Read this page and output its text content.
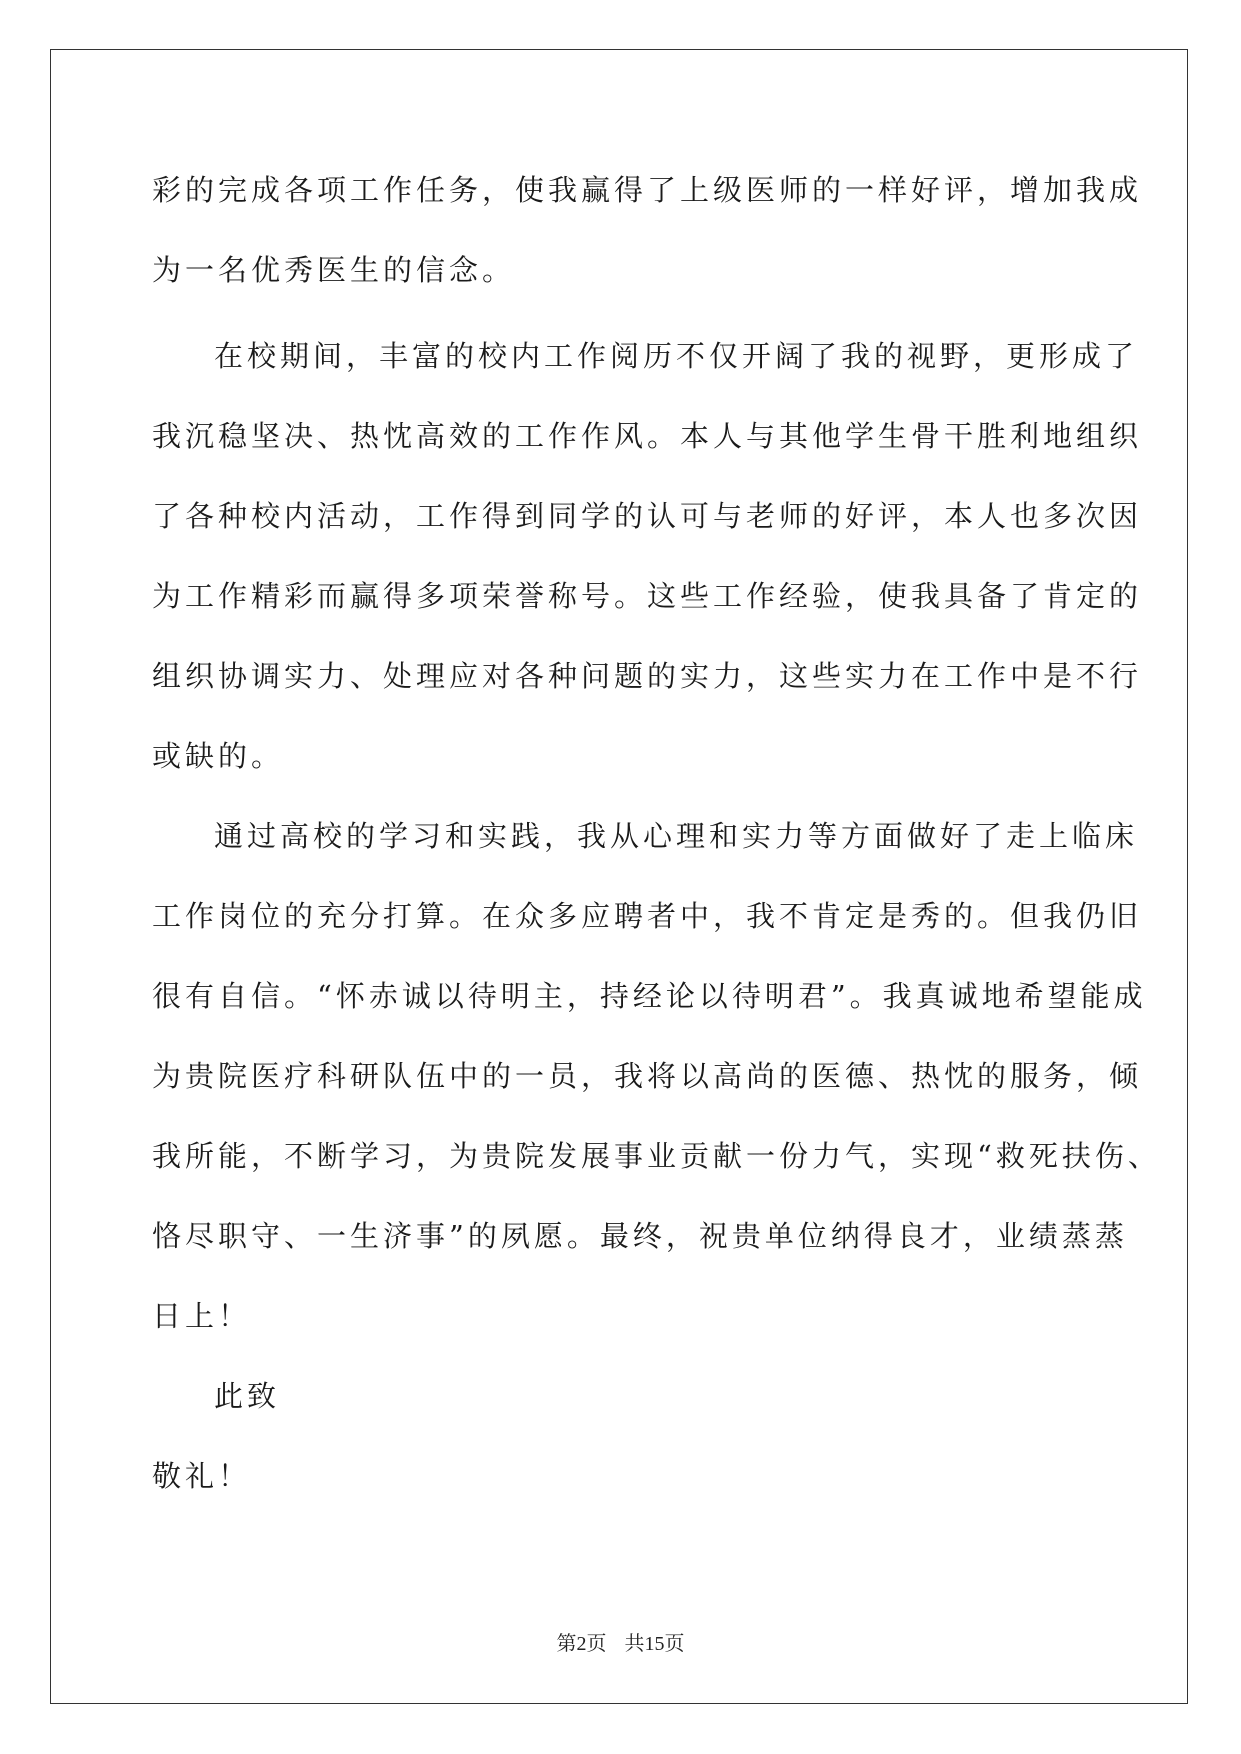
彩的完成各项工作任务，使我赢得了上级医师的一样好评，增加我成

为一名优秀医生的信念。

在校期间，丰富的校内工作阅历不仅开阔了我的视野，更形成了

我沉稳坚决、热忱高效的工作作风。本人与其他学生骨干胜利地组织

了各种校内活动，工作得到同学的认可与老师的好评，本人也多次因

为工作精彩而赢得多项荣誉称号。这些工作经验，使我具备了肯定的

组织协调实力、处理应对各种问题的实力，这些实力在工作中是不行

或缺的。

通过高校的学习和实践，我从心理和实力等方面做好了走上临床

工作岗位的充分打算。在众多应聘者中，我不肯定是秀的。但我仍旧

很有自信。“怀赤诚以待明主，持经论以待明君”。我真诚地希望能成

为贵院医疗科研队伍中的一员，我将以高尚的医德、热忱的服务，倾

我所能，不断学习，为贵院发展事业贡献一份力气，实现“救死扶伤、

恪尽职守、一生济事”的夙愿。最终，祝贵单位纳得良才，业绩蒸蒸

日上！

此致

敬礼！

第2页 共15页
